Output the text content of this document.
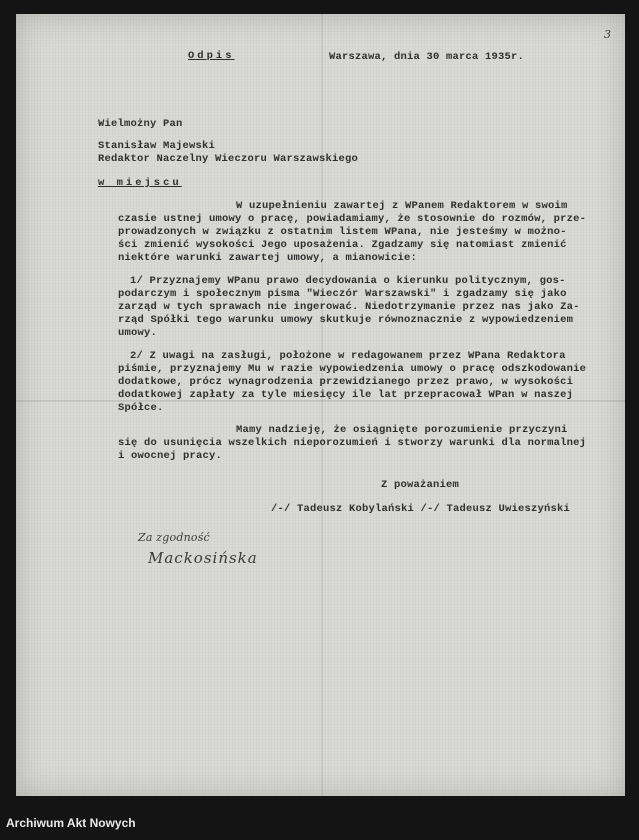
3
Odpis	Warszawa, dnia 30 marca 1935r.
Wielmożny Pan
Stanisław Majewski
Redaktor Naczelny Wieczoru Warszawskiego
w miejscu
W uzupełnieniu zawartej z WPanem Redaktorem w swoim
czasie ustnej umowy o pracę, powiadamiamy, że stosownie do rozmów, prze-
prowadzonych w związku z ostatnim listem WPana, nie jesteśmy w możno-
ści zmienić wysokości Jego uposażenia. Zgadzamy się natomiast zmienić
niektóre warunki zawartej umowy, a mianowicie:
1/ Przyznajemy WPanu prawo decydowania o kierunku politycznym, gos-
podarczym i społecznym pisma "Wieczór Warszawski" i zgadzamy się jako
zarząd w tych sprawach nie ingerować. Niedotrzymanie przez nas jako Za-
rząd Spółki tego warunku umowy skutkuje równoznacznie z wypowiedzeniem
umowy.
2/ Z uwagi na zasługi, położone w redagowanem przez WPana Redaktora
piśmie, przyznajemy Mu w razie wypowiedzenia umowy o pracę odszkodowanie
dodatkowe, prócz wynagrodzenia przewidzianego przez prawo, w wysokości
dodatkowej zapłaty za tyle miesięcy ile lat przepracował WPan w naszej
Spółce.
Mamy nadzieję, że osiągnięte porozumienie przyczyni
się do usunięcia wszelkich nieporozumień i stworzy warunki dla normalnej
i owocnej pracy.
Z poważaniem
/-/ Tadeusz Kobylański /-/ Tadeusz Uwieszyński
Za zgodność
Mackosińska
Archiwum Akt Nowych
